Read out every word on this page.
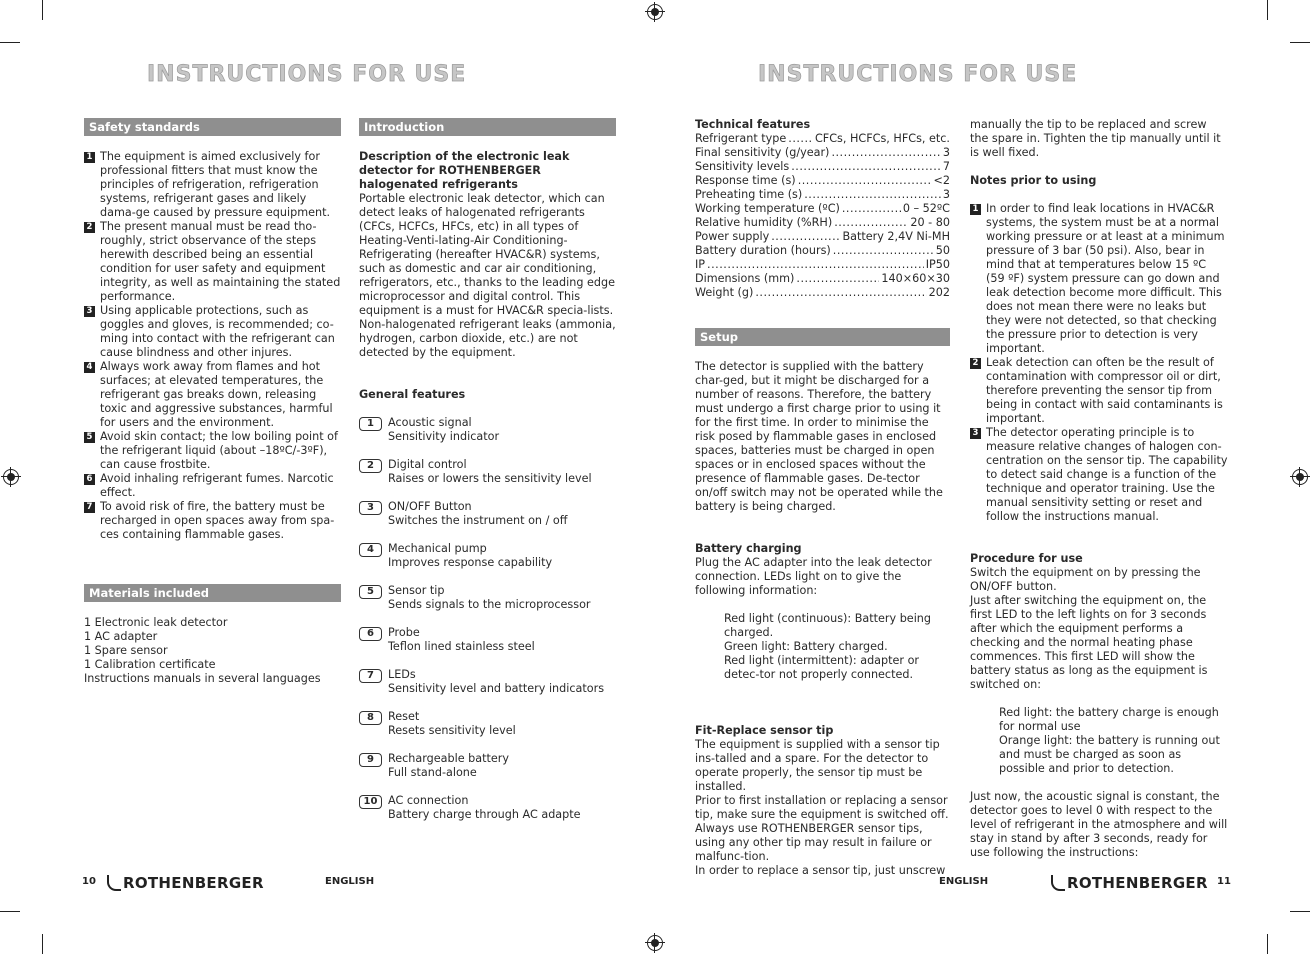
INSTRUCTIONS FOR USE	INSTRUCTIONS FOR USE
Safety standards
1 The equipment is aimed exclusively for professional fitters that must know the principles of refrigeration, refrigeration systems, refrigerant gases and likely dama-ge caused by pressure equipment.
2 The present manual must be read tho-roughly, strict observance of the steps herewith described being an essential condition for user safety and equipment integrity, as well as maintaining the stated performance.
3 Using applicable protections, such as goggles and gloves, is recommended; co-ming into contact with the refrigerant can cause blindness and other injures.
4 Always work away from flames and hot surfaces; at elevated temperatures, the refrigerant gas breaks down, releasing toxic and aggressive substances, harmful for users and the environment.
5 Avoid skin contact; the low boiling point of the refrigerant liquid (about –18ºC/-3ºF), can cause frostbite.
6 Avoid inhaling refrigerant fumes. Narcotic effect.
7 To avoid risk of fire, the battery must be recharged in open spaces away from spa-ces containing flammable gases.
Materials included
1 Electronic leak detector
1 AC adapter
1 Spare sensor
1 Calibration certificate
Instructions manuals in several languages
Introduction

Description of the electronic leak detector for ROTHENBERGER halogenated refrigerants

Portable electronic leak detector, which can detect leaks of halogenated refrigerants (CFCs, HCFCs, HFCs, etc) in all types of Heating-Venti-lating-Air Conditioning-Refrigerating (hereafter HVAC&R) systems, such as domestic and car air conditioning, refrigerators, etc., thanks to the leading edge microprocessor and digital control. This equipment is a must for HVAC&R specia-lists.

Non-halogenated refrigerant leaks (ammonia, hydrogen, carbon dioxide, etc.) are not detected by the equipment.

General features

1	Acoustic signal
Sensitivity indicator
2	Digital control
Raises or lowers the sensitivity level
3	ON/OFF Button
Switches the instrument on / off
4	Mechanical pump
Improves response capability
5	Sensor tip
Sends signals to the microprocessor
6	Probe
Teflon lined stainless steel
7	LEDs
Sensitivity level and battery indicators
8	Reset
Resets sensitivity level
9	Rechargeable battery
Full stand-alone
10 AC connection
Battery charge through AC adapte

Technical features

Refrigerant type .....	CFCs, HCFCs, HFCs, etc.
Final sensitivity (g/year) .....	3
Sensitivity levels .....	7
Response time (s) .....	<2
Preheating time (s) .....	3
Working temperature (ºC) .....	0 – 52ºC
Relative humidity (%RH) .....	20 - 80
Power supply .....	Battery 2,4V Ni-MH
Battery duration (hours) .....	50
IP .....	IP50
Dimensions (mm) .....	140×60×30
Weight (g) .....	202
Setup

The detector is supplied with the battery char-ged, but it might be discharged for a number of reasons. Therefore, the battery must undergo a first charge prior to using it for the first time. In order to minimise the risk posed by flammable gases in enclosed spaces, batteries must be charged in open spaces or in enclosed spaces without the presence of flammable gases. De-tector on/off switch may not be operated while the battery is being charged.

Battery charging

Plug the AC adapter into the leak detector connection. LEDs light on to give the following information:

Red light (continuous): Battery being charged.
Green light: Battery charged.
Red light (intermittent): adapter or detec-tor not properly connected.

Fit-Replace sensor tip

The equipment is supplied with a sensor tip ins-talled and a spare. For the detector to operate properly, the sensor tip must be installed.

Prior to first installation or replacing a sensor tip, make sure the equipment is switched off. Always use ROTHENBERGER sensor tips, using any other tip may result in failure or malfunc-tion.

In order to replace a sensor tip, just unscrew

manually the tip to be replaced and screw the spare in. Tighten the tip manually until it is well fixed.

Notes prior to using

1 In order to find leak locations in HVAC&R systems, the system must be at a normal working pressure or at least at a minimum pressure of 3 bar (50 psi). Also, bear in mind that at temperatures below 15 ºC (59 ºF) system pressure can go down and leak detection become more difficult. This does not mean there were no leaks but they were not detected, so that checking the pressure prior to detection is very important.
2 Leak detection can often be the result of contamination with compressor oil or dirt, therefore preventing the sensor tip from being in contact with said contaminants is important.
3 The detector operating principle is to measure relative changes of halogen con-centration on the sensor tip. The capability to detect said change is a function of the technique and operator training. Use the manual sensitivity setting or reset and follow the instructions manual.

Procedure for use

Switch the equipment on by pressing the ON/OFF button.

Just after switching the equipment on, the first LED to the left lights on for 3 seconds after which the equipment performs a checking and the normal heating phase commences. This first LED will show the battery status as long as the equipment is switched on:

Red light: the battery charge is enough for normal use
Orange light: the battery is running out and must be charged as soon as possible and prior to detection.

Just now, the acoustic signal is constant, the detector goes to level 0 with respect to the level of refrigerant in the atmosphere and will stay in stand by after 3 seconds, ready for use following the instructions:

10	ROTHENBERGER	ENGLISH	ENGLISH	ROTHENBERGER 11
